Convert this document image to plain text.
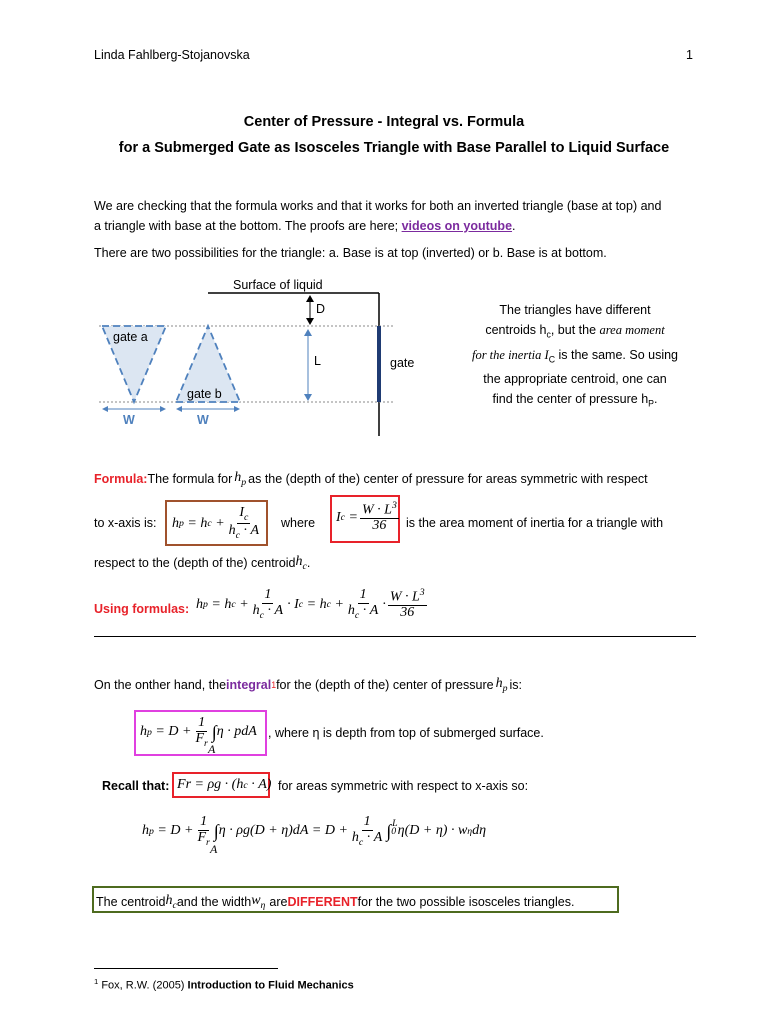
Linda Fahlberg-Stojanovska	1
Center of Pressure - Integral vs. Formula
for a Submerged Gate as Isosceles Triangle with Base Parallel to Liquid Surface
We are checking that the formula works and that it works for both an inverted triangle (base at top) and
a triangle with base at the bottom. The proofs are here; videos on youtube.
There are two possibilities for the triangle: a. Base is at top (inverted) or b. Base is at bottom.
Surface of liquid
D
L	gate
gate a
gate b
W	W
The triangles have different
centroids $h_c$, but the area moment
for the inertia $I_C$ is the same. So using
the appropriate centroid, one can
find the center of pressure $h_P$.
Formula: The formula for $h_p$ as the (depth of the) center of pressure for areas symmetric with respect
to x-axis is: h p = h $c + \frac{I_c}{h_c \cdot A}$ where I $c = \frac{W \cdot L^3}{36}$ is the area moment of inertia for a triangle with
respect to the (depth of the) centroid $h_c$ .
Using formulas: h p = h $c + \frac{1}{h_c \cdot A} \cdot I$ c = h $c + \frac{1}{h_c \cdot A} \cdot \frac{W \cdot L^3}{36}$
On the onther hand, the integral 1 for the (depth of the) center of pressure $h_p$ is:
h $p = D + \frac{1}{F_r}$ ∫ η · p d A
A
, where η is depth from top of submerged surface.
Recall that: F r = ρg · ( h c · A ) for areas symmetric with respect to x-axis so:
h $p = D + \frac{1}{F_r}$ ∫ η · ρg( D + η )d $A = D + \frac{1}{h_c \cdot A}$ ∫ 0
$^L$ η ( D + η ) · w η d η
A
The centroid $h_c$ and the width $w_\eta$ are DIFFERENT for the two possible isosceles triangles.
$^1$ Fox, R.W. (2005) Introduction to Fluid Mechanics
